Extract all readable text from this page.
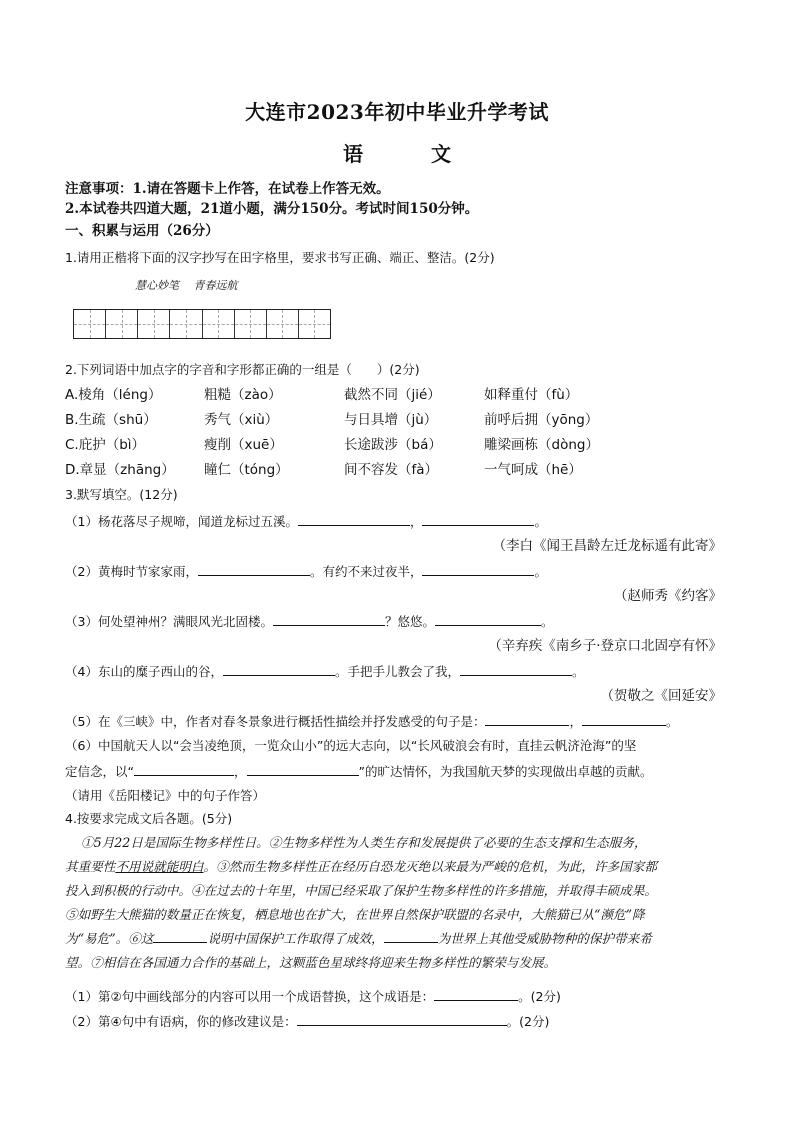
大连市2023年初中毕业升学考试
语　文
注意事项：1.请在答题卡上作答，在试卷上作答无效。
2.本试卷共四道大题，21道小题，满分150分。考试时间150分钟。
一、积累与运用（26分）
1.请用正楷将下面的汉字抄写在田字格里，要求书写正确、端正、整洁。(2分)
慧心妙笔　 青春远航
2.下列词语中加点字的字音和字形都正确的一组是（　　）(2分)
A.棱角（léng）	粗糙（zào）	截然不同（jié）	如释重付（fù）
B.生疏（shū）	秀气（xiù）	与日具增（jù）	前呼后拥（yōng）
C.庇护（bì）	瘦削（xuē）	长途跋涉（bá）	雕梁画栋（dòng）
D.章显（zhāng） 瞳仁（tóng）	间不容发（fà）	一气呵成（hē）
3.默写填空。(12分)
（1）杨花落尽子规啼，闻道龙标过五溪。	，	。
（李白《闻王昌龄左迁龙标遥有此寄》
（2）黄梅时节家家雨，	。有约不来过夜半，	。
（赵师秀《约客》
（3）何处望神州？满眼风光北固楼。	？悠悠。	。
（辛弃疾《南乡子·登京口北固亭有怀》
（4）东山的糜子西山的谷，	。手把手儿教会了我，	。
（贺敬之《回延安》
（5）在《三峡》中，作者对春冬景象进行概括性描绘并抒发感受的句子是：	，	。
（6）中国航天人以“会当凌绝顶，一览众山小”的远大志向，以“长风破浪会有时，直挂云帆济沧海”的坚
定信念，以“	，	”的旷达情怀，为我国航天梦的实现做出卓越的贡献。
（请用《岳阳楼记》中的句子作答）
4.按要求完成文后各题。(5分)
①5月22日是国际生物多样性日。②生物多样性为人类生存和发展提供了必要的生态支撑和生态服务，
其重要性不用说就能明白。③然而生物多样性正在经历自恐龙灭绝以来最为严峻的危机，为此，许多国家都
投入到积极的行动中。④在过去的十年里，中国已经采取了保护生物多样性的许多措施，并取得丰硕成果。
⑤如野生大熊猫的数量正在恢复，栖息地也在扩大，在世界自然保护联盟的名录中，大熊猫已从“濒危”降
为“易危”。⑥这	说明中国保护工作取得了成效，	为世界上其他受威胁物种的保护带来希
望。⑦相信在各国通力合作的基础上，这颗蓝色星球终将迎来生物多样性的繁荣与发展。
（1）第②句中画线部分的内容可以用一个成语替换，这个成语是：	。(2分)
（2）第④句中有语病，你的修改建议是：	。(2分)
